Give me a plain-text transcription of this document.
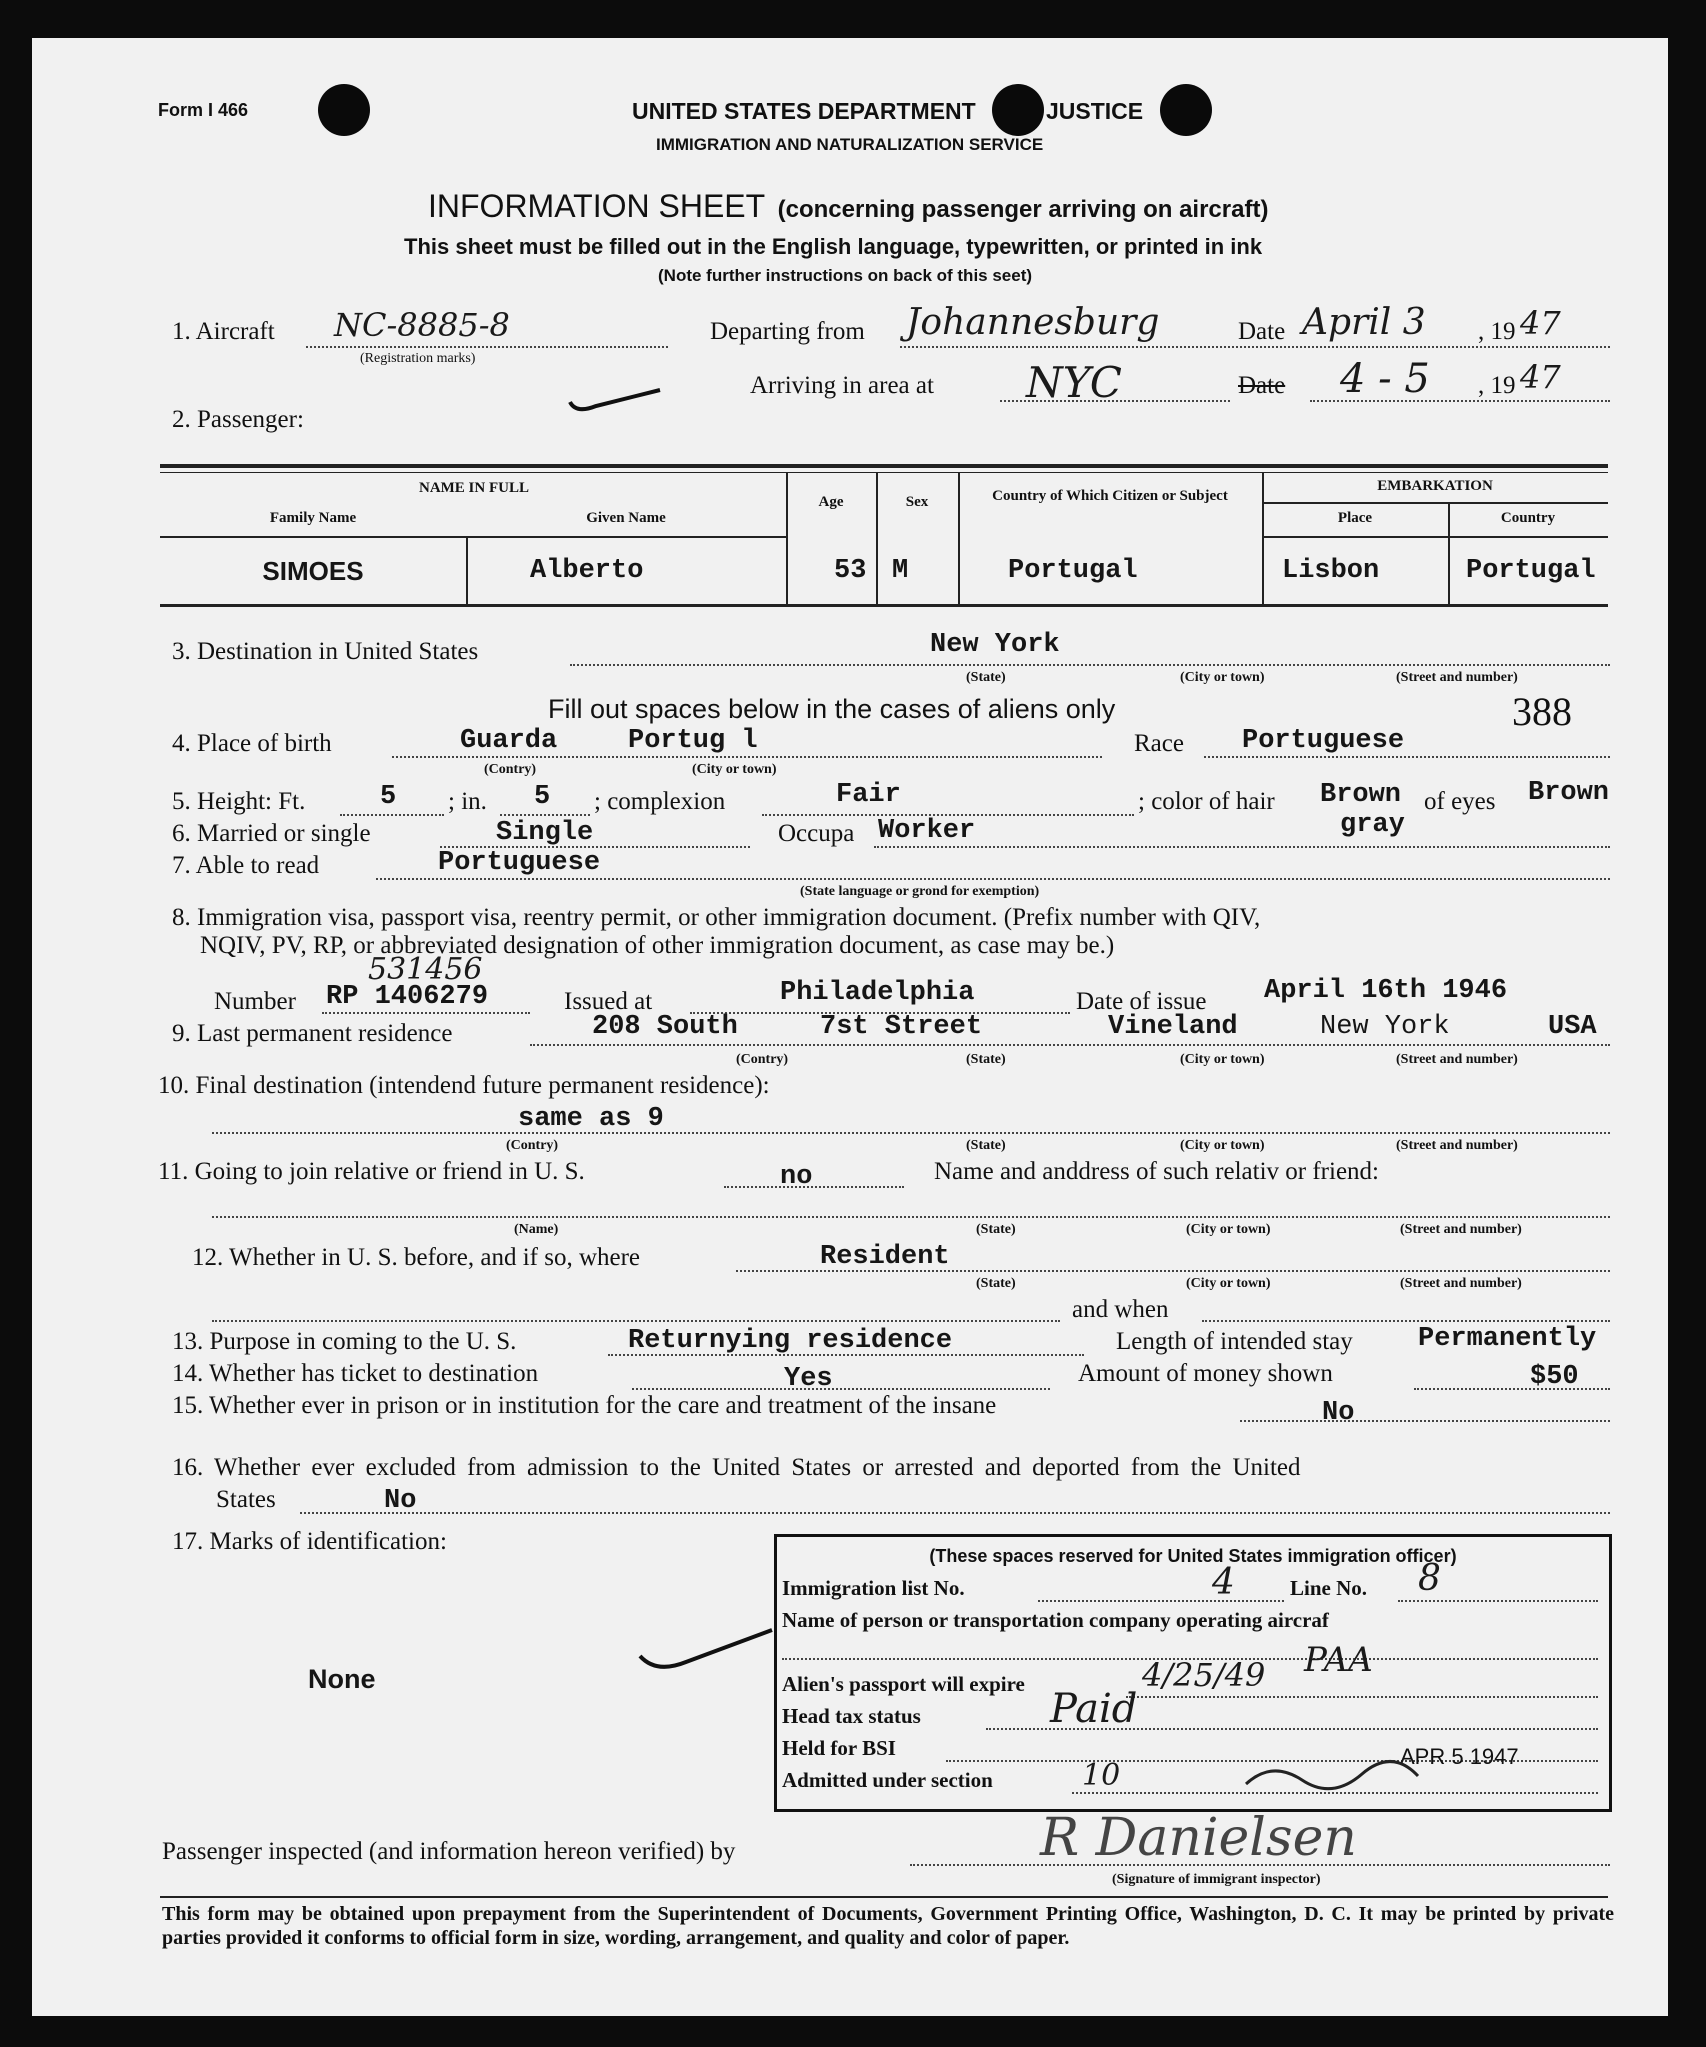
Form I 466	UNITED STATES DEPARTMENT	JUSTICE
IMMIGRATION AND NATURALIZATION SERVICE
INFORMATION SHEET (concerning passenger arriving on aircraft)
This sheet must be filled out in the English language, typewritten, or printed in ink
(Note further instructions on back of this seet)
1. Aircraft NC-8885-8
(Registration marks)
Departing from Johannesburg	Date April 3 , 19 47
Arriving in area at NYC	Date 4 - 5 , 19 47
2. Passenger:
NAME IN FULL	EMBARKATION
Family Name	Given Name
Age	Sex	Country of Which Citizen or Subject
Place	Country
SIMOES	Alberto	53 M	Portugal	Lisbon	Portugal
3. Destination in United States	New York
(State)	(City or town)	(Street and number)
Fill out spaces below in the cases of aliens only	388
4. Place of birth	Guarda	Portug l
(Contry)	(City or town)
Race Portuguese
5. Height: Ft.	5 ; in. 5 ; complexion	Fair	; color of hair Brown
gray
of eyes Brown
6. Married or single	Single	Occupa Worker
7. Able to read	Portuguese
(State language or grond for exemption)
8. Immigration visa, passport visa, reentry permit, or other immigration document. (Prefix number with QIV,
NQIV, PV, RP, or abbreviated designation of other immigration document, as case may be.)
531456
Number RP 1406279	Issued at	Philadelphia	Date of issue April 16th 1946
9. Last permanent residence	208 South	7st Street	Vineland	New York	USA
(Contry)	(State)	(City or town)	(Street and number)
10. Final destination (intendend future permanent residence):
same as 9
(Contry)	(State)	(City or town)	(Street and number)
11. Going to join relative or friend in U. S.	no	Name and anddress of such relativ or friend:
(Name)	(State)	(City or town)	(Street and number)
12. Whether in U. S. before, and if so, where	Resident
(State)	(City or town)	(Street and number)
and when
13. Purpose in coming to the U. S.	Returnying residence	Length of intended stay Permanently
14. Whether has ticket to destination	Yes	Amount of money shown	$50
15. Whether ever in prison or in institution for the care and treatment of the insane	No
16. Whether ever excluded from admission to the United States or arrested and deported from the United
States	No
17. Marks of identification:
None
(These spaces reserved for United States immigration officer)
Immigration list No.	4	Line No. 8
Name of person or transportation company operating aircraf
Alien's passport will expire	4/25/49 PAA
Head tax status	Paid
Held for BSI	APR 5 1947
Admitted under section	10
Passenger inspected (and information hereon verified) by	R Danielsen
(Signature of immigrant inspector)
This form may be obtained upon prepayment from the Superintendent of Documents, Government Printing Office, Washington, D. C. It may be printed by private parties provided it conforms to official form in size, wording, arrangement, and quality and color of paper.
